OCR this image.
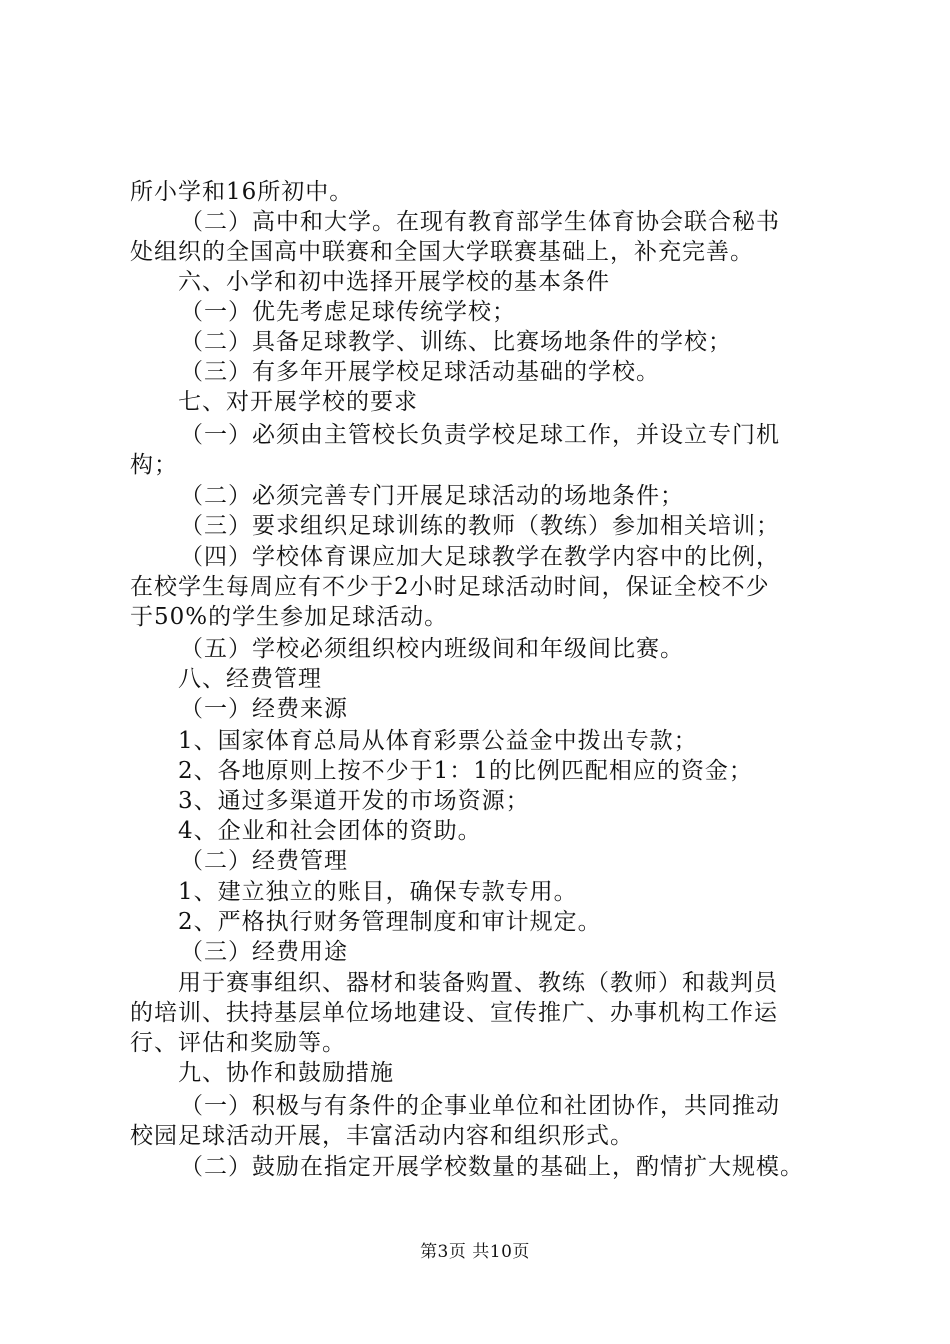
所小学和16所初中。
（二）高中和大学。在现有教育部学生体育协会联合秘书
处组织的全国高中联赛和全国大学联赛基础上，补充完善。
六、小学和初中选择开展学校的基本条件
（一）优先考虑足球传统学校；
（二）具备足球教学、训练、比赛场地条件的学校；
（三）有多年开展学校足球活动基础的学校。
七、对开展学校的要求
（一）必须由主管校长负责学校足球工作，并设立专门机
构；
（二）必须完善专门开展足球活动的场地条件；
（三）要求组织足球训练的教师（教练）参加相关培训；
（四）学校体育课应加大足球教学在教学内容中的比例，
在校学生每周应有不少于2小时足球活动时间，保证全校不少
于50%的学生参加足球活动。
（五）学校必须组织校内班级间和年级间比赛。
八、经费管理
（一）经费来源
1、国家体育总局从体育彩票公益金中拨出专款；
2、各地原则上按不少于1：1的比例匹配相应的资金；
3、通过多渠道开发的市场资源；
4、企业和社会团体的资助。
（二）经费管理
1、建立独立的账目，确保专款专用。
2、严格执行财务管理制度和审计规定。
（三）经费用途
用于赛事组织、器材和装备购置、教练（教师）和裁判员
的培训、扶持基层单位场地建设、宣传推广、办事机构工作运
行、评估和奖励等。
九、协作和鼓励措施
（一）积极与有条件的企事业单位和社团协作，共同推动
校园足球活动开展，丰富活动内容和组织形式。
（二）鼓励在指定开展学校数量的基础上，酌情扩大规模。
第3页 共10页
